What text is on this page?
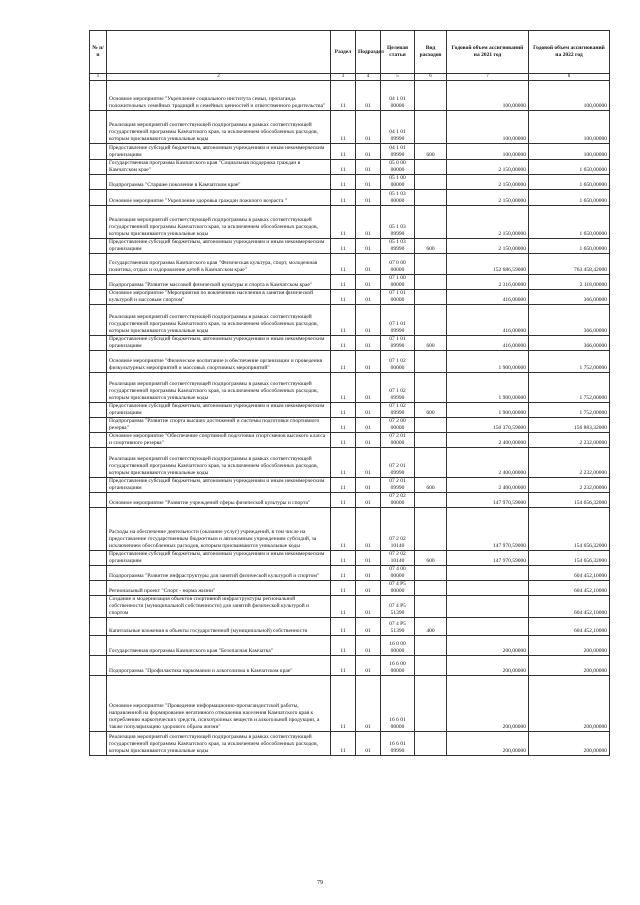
№ п/п		Раздел	Подраздел	Целевая статья	Вид расходов	Годовой объем ассигнований на 2021 год	Годовой объем ассигнований на 2022 год
1	2	3	4	5	6	7	8
	Основное мероприятие "Укрепление социального института семьи, пропаганда положительных семейных традиций и семейных ценностей и ответственного родительства"	11	01	04 1 01 00000		100,00000	100,00000
	Реализация мероприятий соответствующей подпрограммы в рамках соответствующей государственной программы Камчатского края, за исключением обособленных расходов, которым присваиваются уникальные коды	11	01	04 1 01 09990		100,00000	100,00000
	Предоставление субсидий бюджетным, автономным учреждениям и иным некоммерческим организациям	11	01	04 1 01 09990	600	100,00000	100,00000
	Государственная программа Камчатского края "Социальная поддержка граждан в Камчатском крае"	11	01	05 0 00 00000		2 150,00000	1 650,00000
	Подпрограмма "Старшее поколение в Камчатском крае"	11	01	05 1 00 00000		2 150,00000	1 650,00000
	Основное мероприятие "Укрепление здоровья граждан пожилого возраста "	11	01	05 1 03 00000		2 150,00000	1 650,00000
	Реализация мероприятий соответствующей подпрограммы в рамках соответствующей государственной программы Камчатского края, за исключением обособленных расходов, которым присваиваются уникальные коды	11	01	05 1 03 09990		2 150,00000	1 650,00000
	Предоставление субсидий бюджетным, автономным учреждениям и иным некоммерческим организациям	11	01	05 1 03 09990	600	2 150,00000	1 650,00000
	Государственная программа Камчатского края "Физическая культура, спорт, молодежная политика, отдых и оздоровление детей в Камчатском крае"	11	01	07 0 00 00000		152 686,59000	763 458,42000
	Подпрограмма "Развитие массовой физической культуры и спорта в Камчатском крае"	11	01	07 1 00 00000		2 316,00000	2 118,00000
	Основное мероприятие "Мероприятия по вовлечению населения в занятия физической культурой и массовым спортом"	11	01	07 1 01 00000		416,00000	366,00000
	Реализация мероприятий соответствующей подпрограммы в рамках соответствующей государственной программы Камчатского края, за исключением обособленных расходов, которым присваиваются уникальные коды	11	01	07 1 01 09990		416,00000	366,00000
	Предоставление субсидий бюджетным, автономным учреждениям и иным некоммерческим организациям	11	01	07 1 01 09990	600	416,00000	366,00000
	Основное мероприятие "Физическое воспитание и обеспечение организации и проведения физкультурных мероприятий и массовых спортивных мероприятий"	11	01	07 1 02 00000		1 900,00000	1 752,00000
	Реализация мероприятий соответствующей подпрограммы в рамках соответствующей государственной программы Камчатского края, за исключением обособленных расходов, которым присваиваются уникальные коды	11	01	07 1 02 09990		1 900,00000	1 752,00000
	Предоставление субсидий бюджетным, автономным учреждениям и иным некоммерческим организациям	11	01	07 1 02 09990	600	1 900,00000	1 752,00000
	Подпрограмма "Развитие спорта высших достижений и системы подготовки спортивного резерва"	11	01	07 2 00 00000		150 370,59000	156 883,32000
	Основное мероприятие "Обеспечение спортивной подготовки спортсменов высокого класса и спортивного резерва"	11	01	07 2 01 00000		2 400,00000	2 232,00000
	Реализация мероприятий соответствующей подпрограммы в рамках соответствующей государственной программы Камчатского края, за исключением обособленных расходов, которым присваиваются уникальные коды	11	01	07 2 01 09990		2 400,00000	2 232,00000
	Предоставление субсидий бюджетным, автономным учреждениям и иным некоммерческим организациям	11	01	07 2 01 09990	600	2 400,00000	2 232,00000
	Основное мероприятие "Развитие учреждений сферы физической культуры и спорта"	11	01	07 2 02 00000		147 970,59000	154 656,32000
	Расходы на обеспечение деятельности (оказание услуг) учреждений, в том числе на предоставление государственным бюджетным и автономным учреждениям субсидий, за исключением обособленных расходов, которым присваиваются уникальные коды	11	01	07 2 02 10140		147 970,59000	154 656,32000
	Предоставление субсидий бюджетным, автономным учреждениям и иным некоммерческим организациям	11	01	07 2 02 10140	600	147 970,59000	154 656,32000
	Подпрограмма "Развитие инфраструктуры для занятий физической культурой и спортом"	11	01	07 4 00 00000			604 452,10000
	Региональный проект "Спорт - норма жизни"	11	01	07 4 P5 00000			604 452,10000
	Создание и модернизация объектов спортивной инфраструктуры региональной собственности (муниципальной собственности) для занятий физической культурой и спортом	11	01	07 4 P5 51390			604 452,10000
	Капитальные вложения в объекты государственной (муниципальной) собственности	11	01	07 4 P5 51390	400		604 452,10000
	Государственная программа Камчатского края "Безопасная Камчатка"	11	01	16 0 00 00000		200,00000	200,00000
	Подпрограмма "Профилактика наркомании и алкоголизма в Камчатском крае"	11	01	16 6 00 00000		200,00000	200,00000
	Основное мероприятие "Проведение информационно-пропагандистской работы, направленной на формирование негативного отношения населения Камчатского края к потреблению наркотических средств, психотропных веществ и алкогольной продукции, а также популяризацию здорового образа жизни"	11	01	16 6 01 00000		200,00000	200,00000
	Реализация мероприятий соответствующей подпрограммы в рамках соответствующей государственной программы Камчатского края, за исключением обособленных расходов, которым присваиваются уникальные коды	11	01	16 6 01 09990		200,00000	200,00000
79
